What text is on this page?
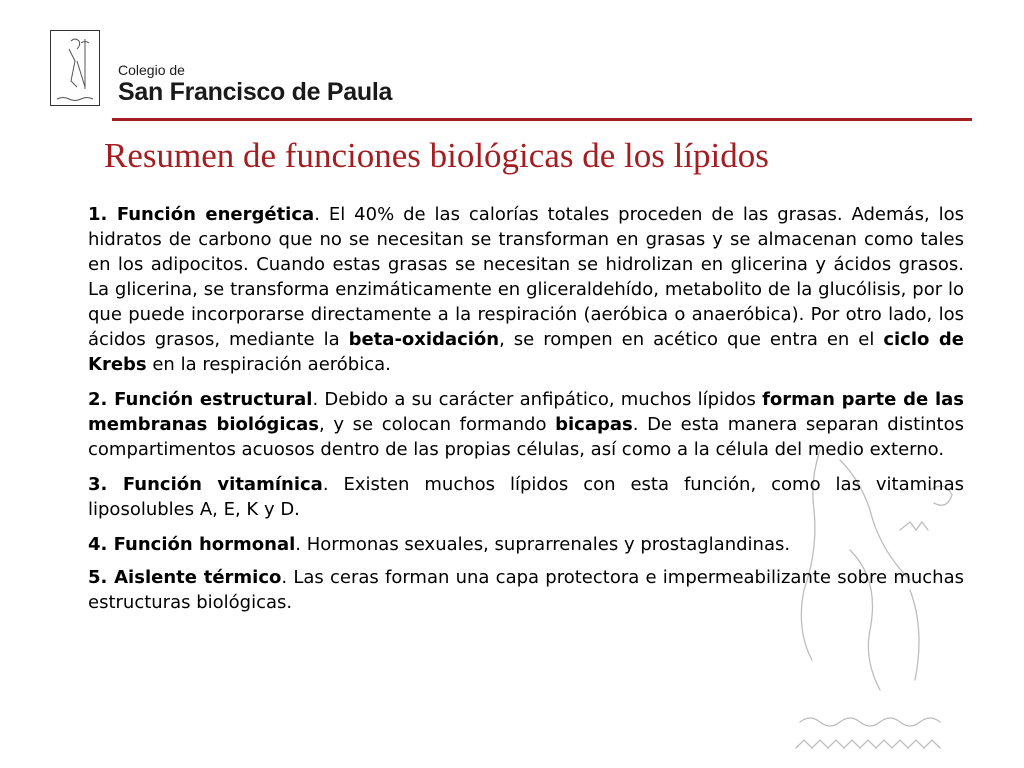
Colegio de
San Francisco de Paula
Resumen de funciones biológicas de los lípidos

1. Función energética. El 40% de las calorías totales proceden de las grasas. Además, los hidratos de carbono que no se necesitan se transforman en grasas y se almacenan como tales en los adipocitos. Cuando estas grasas se necesitan se hidrolizan en glicerina y ácidos grasos. La glicerina, se transforma enzimáticamente en gliceraldehído, metabolito de la glucólisis, por lo que puede incorporarse directamente a la respiración (aeróbica o anaeróbica). Por otro lado, los ácidos grasos, mediante la beta-oxidación, se rompen en acético que entra en el ciclo de Krebs en la respiración aeróbica.

2. Función estructural. Debido a su carácter anfipático, muchos lípidos forman parte de las membranas biológicas, y se colocan formando bicapas. De esta manera separan distintos compartimentos acuosos dentro de las propias células, así como a la célula del medio externo.

3. Función vitamínica. Existen muchos lípidos con esta función, como las vitaminas liposolubles A, E, K y D.

4. Función hormonal. Hormonas sexuales, suprarrenales y prostaglandinas.

5. Aislente térmico. Las ceras forman una capa protectora e impermeabilizante sobre muchas estructuras biológicas.
